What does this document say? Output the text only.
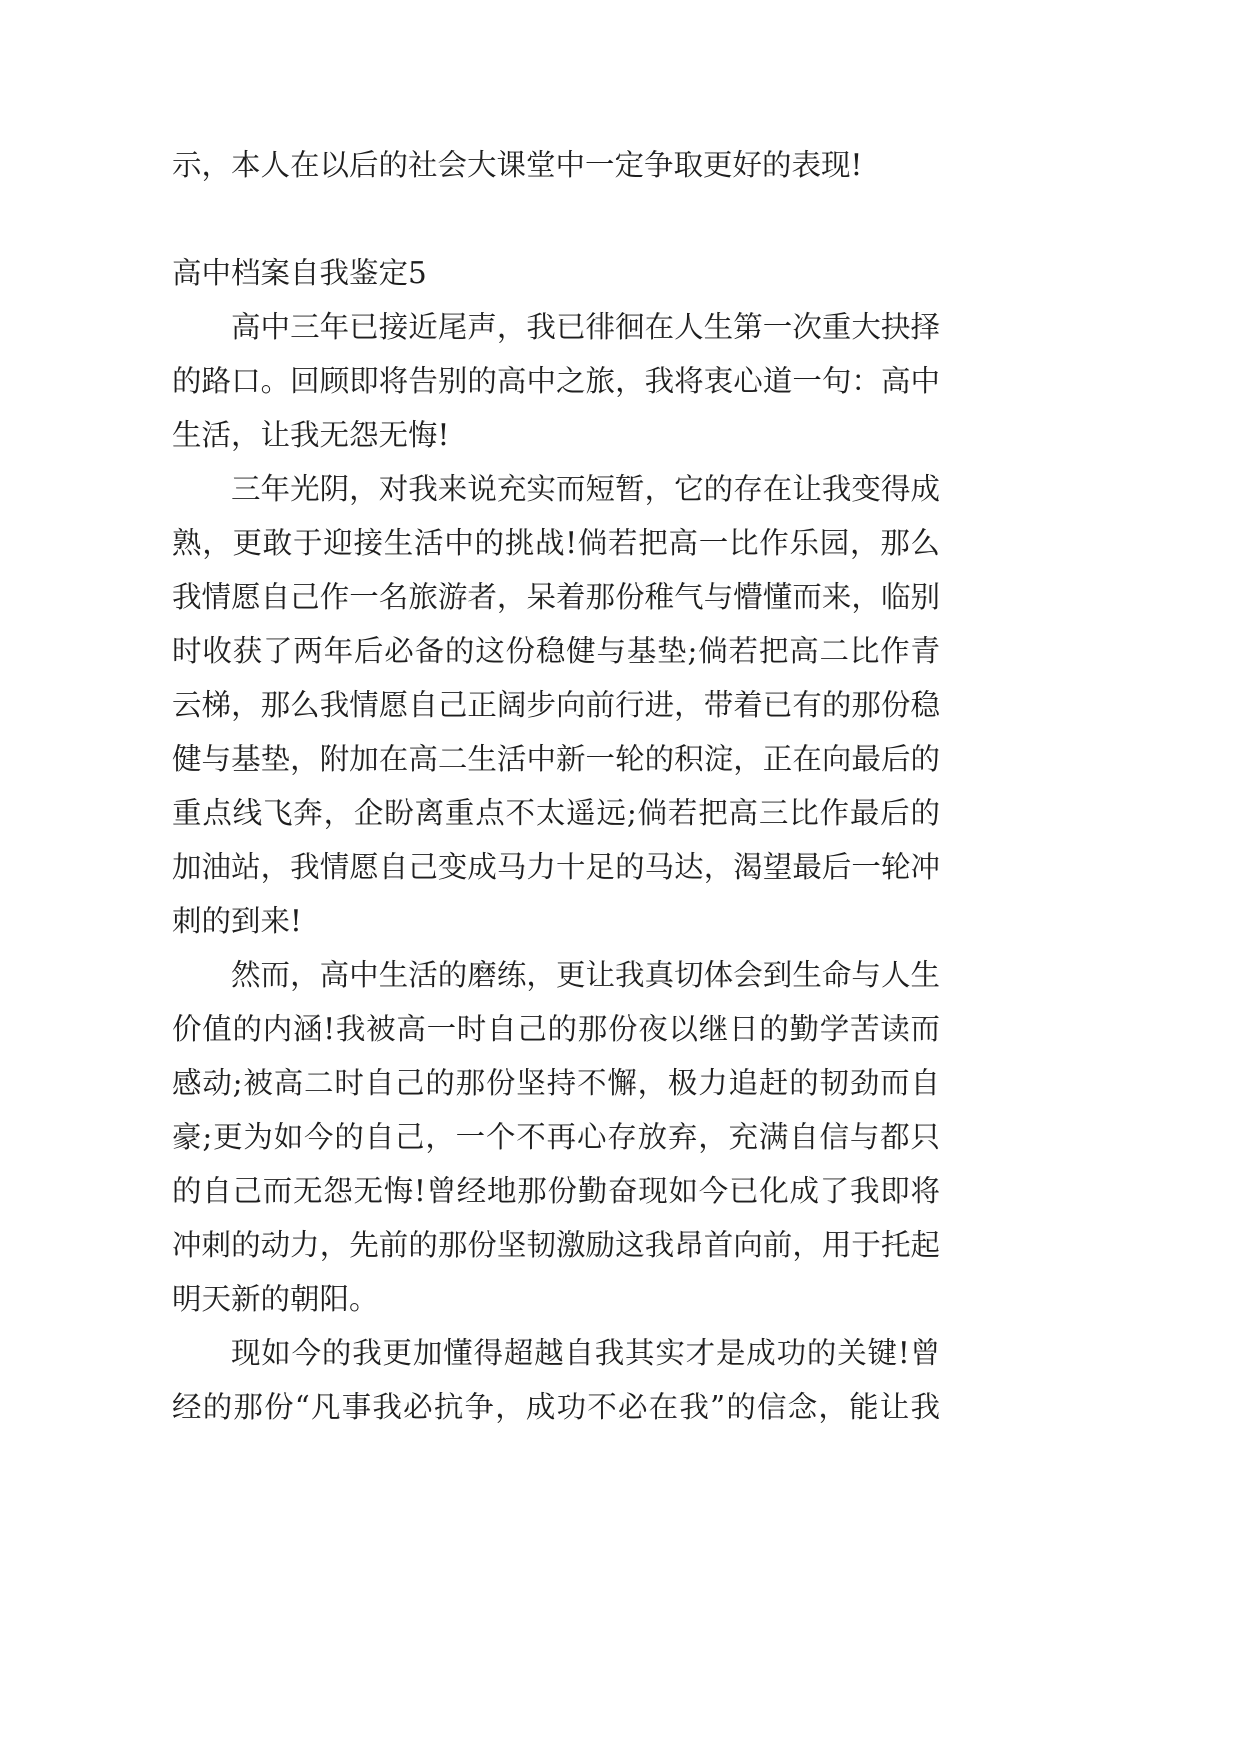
示，本人在以后的社会大课堂中一定争取更好的表现!
高中档案自我鉴定5
高中三年已接近尾声，我已徘徊在人生第一次重大抉择
的路口。回顾即将告别的高中之旅，我将衷心道一句：高中
生活，让我无怨无悔!
三年光阴，对我来说充实而短暂，它的存在让我变得成
熟，更敢于迎接生活中的挑战!倘若把高一比作乐园，那么
我情愿自己作一名旅游者，呆着那份稚气与懵懂而来，临别
时收获了两年后必备的这份稳健与基垫;倘若把高二比作青
云梯，那么我情愿自己正阔步向前行进，带着已有的那份稳
健与基垫，附加在高二生活中新一轮的积淀，正在向最后的
重点线飞奔，企盼离重点不太遥远;倘若把高三比作最后的
加油站，我情愿自己变成马力十足的马达，渴望最后一轮冲
刺的到来!
然而，高中生活的磨练，更让我真切体会到生命与人生
价值的内涵!我被高一时自己的那份夜以继日的勤学苦读而
感动;被高二时自己的那份坚持不懈，极力追赶的韧劲而自
豪;更为如今的自己，一个不再心存放弃，充满自信与都只
的自己而无怨无悔!曾经地那份勤奋现如今已化成了我即将
冲刺的动力，先前的那份坚韧激励这我昂首向前，用于托起
明天新的朝阳。
现如今的我更加懂得超越自我其实才是成功的关键!曾
经的那份“凡事我必抗争，成功不必在我”的信念，能让我
